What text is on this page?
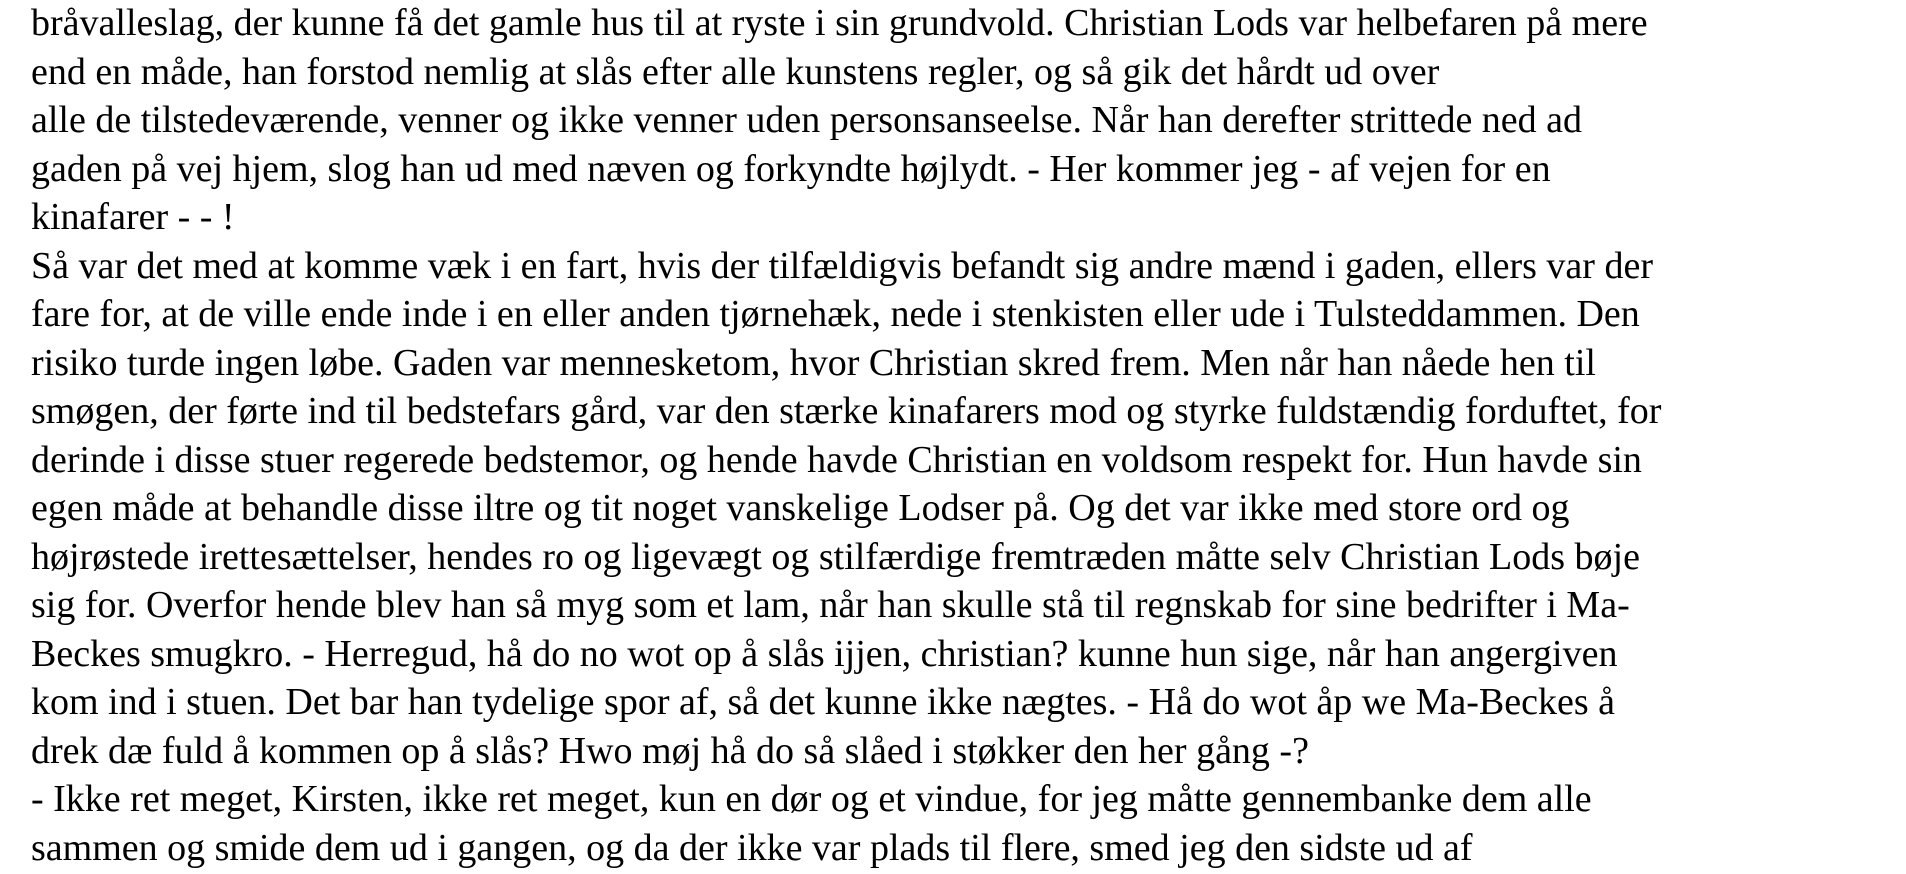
bråvalleslag, der kunne få det gamle hus til at ryste i sin grundvold. Christian Lods var helbefaren på mere
end en måde, han forstod nemlig at slås efter alle kunstens regler, og så gik det hårdt ud over
alle de tilstedeværende, venner og ikke venner uden personsanseelse. Når han derefter strittede ned ad
gaden på vej hjem, slog han ud med næven og forkyndte højlydt. - Her kommer jeg - af vejen for en
kinafarer - - !
Så var det med at komme væk i en fart, hvis der tilfældigvis befandt sig andre mænd i gaden, ellers var der
fare for, at de ville ende inde i en eller anden tjørnehæk, nede i stenkisten eller ude i Tulsteddammen. Den
risiko turde ingen løbe. Gaden var mennesketom, hvor Christian skred frem. Men når han nåede hen til
smøgen, der førte ind til bedstefars gård, var den stærke kinafarers mod og styrke fuldstændig forduftet, for
derinde i disse stuer regerede bedstemor, og hende havde Christian en voldsom respekt for. Hun havde sin
egen måde at behandle disse iltre og tit noget vanskelige Lodser på. Og det var ikke med store ord og
højrøstede irettesættelser, hendes ro og ligevægt og stilfærdige fremtræden måtte selv Christian Lods bøje
sig for. Overfor hende blev han så myg som et lam, når han skulle stå til regnskab for sine bedrifter i Ma-
Beckes smugkro. - Herregud, hå do no wot op å slås ijjen, christian? kunne hun sige, når han angergiven
kom ind i stuen. Det bar han tydelige spor af, så det kunne ikke nægtes. - Hå do wot åp we Ma-Beckes å
drek dæ fuld å kommen op å slås? Hwo møj hå do så slåed i støkker den her gång -?
- Ikke ret meget, Kirsten, ikke ret meget, kun en dør og et vindue, for jeg måtte gennembanke dem alle
sammen og smide dem ud i gangen, og da der ikke var plads til flere, smed jeg den sidste ud af
